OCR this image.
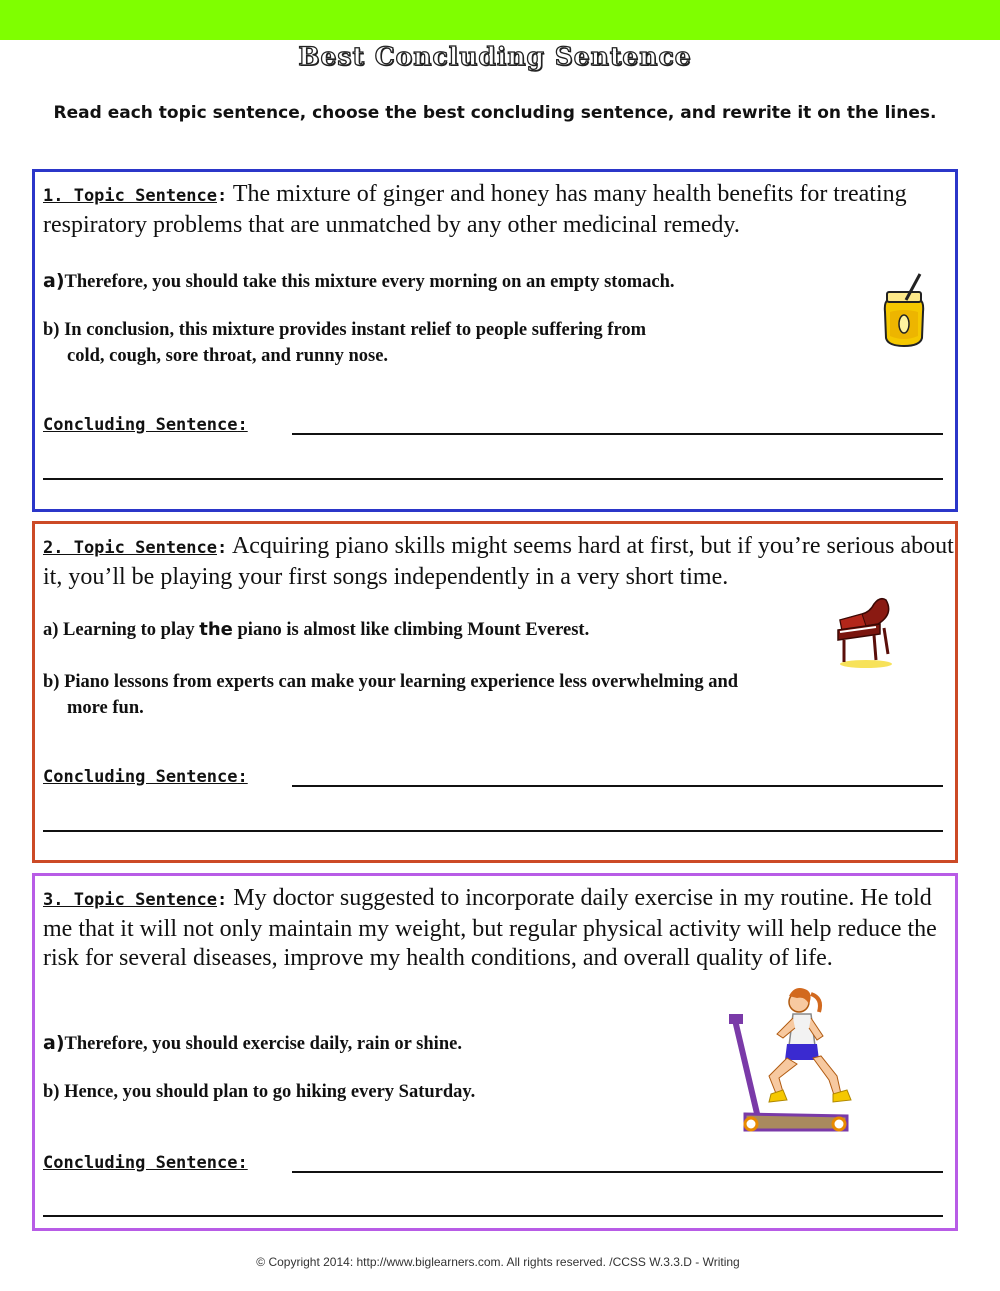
Best Concluding Sentence
Read each topic sentence, choose the best concluding sentence, and rewrite it on the lines.
1. Topic Sentence: The mixture of ginger and honey has many health benefits for treating respiratory problems that are unmatched by any other medicinal remedy.
a)Therefore, you should take this mixture every morning on an empty stomach.
b) In conclusion, this mixture provides instant relief to people suffering from
cold, cough, sore throat, and runny nose.
Concluding Sentence:
2. Topic Sentence: Acquiring piano skills might seems hard at first, but if you’re serious about it, you’ll be playing your first songs independently in a very short time.
a) Learning to play the piano is almost like climbing Mount Everest.
b) Piano lessons from experts can make your learning experience less overwhelming and
more fun.
Concluding Sentence:
3. Topic Sentence: My doctor suggested to incorporate daily exercise in my routine. He told me that it will not only maintain my weight, but regular physical activity will help reduce the risk for several diseases, improve my health conditions, and overall quality of life.
a)Therefore, you should exercise daily, rain or shine.
b) Hence, you should plan to go hiking every Saturday.
Concluding Sentence:
© Copyright 2014: http://www.biglearners.com. All rights reserved. /CCSS W.3.3.D - Writing
